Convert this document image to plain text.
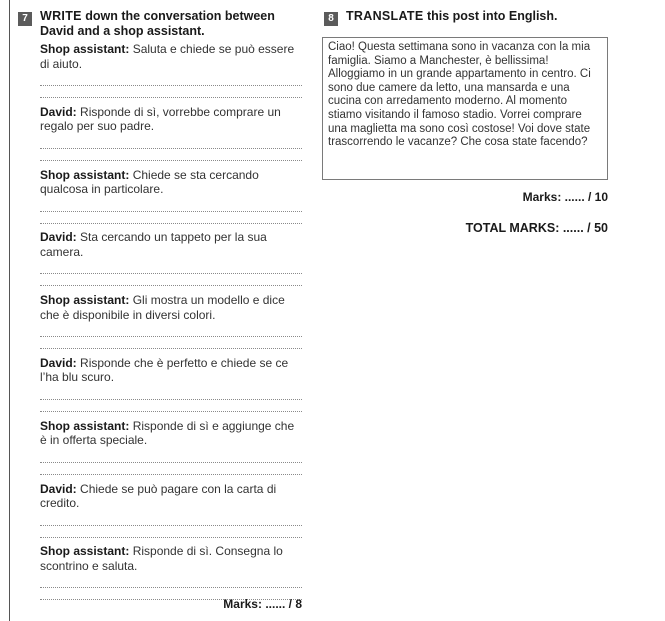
7 WRITE down the conversation between David and a shop assistant.
Shop assistant: Saluta e chiede se può essere di aiuto.
David: Risponde di sì, vorrebbe comprare un regalo per suo padre.
Shop assistant: Chiede se sta cercando qualcosa in particolare.
David: Sta cercando un tappeto per la sua camera.
Shop assistant: Gli mostra un modello e dice che è disponibile in diversi colori.
David: Risponde che è perfetto e chiede se ce l’ha blu scuro.
Shop assistant: Risponde di sì e aggiunge che è in offerta speciale.
David: Chiede se può pagare con la carta di credito.
Shop assistant: Risponde di sì. Consegna lo scontrino e saluta.
Marks: ...... / 8
8 TRANSLATE this post into English.
Ciao! Questa settimana sono in vacanza con la mia famiglia. Siamo a Manchester, è bellissima! Alloggiamo in un grande appartamento in centro. Ci sono due camere da letto, una mansarda e una cucina con arredamento moderno. Al momento stiamo visitando il famoso stadio. Vorrei comprare una maglietta ma sono così costose! Voi dove state trascorrendo le vacanze? Che cosa state facendo?
Marks: ...... / 10
TOTAL MARKS: ...... / 50
